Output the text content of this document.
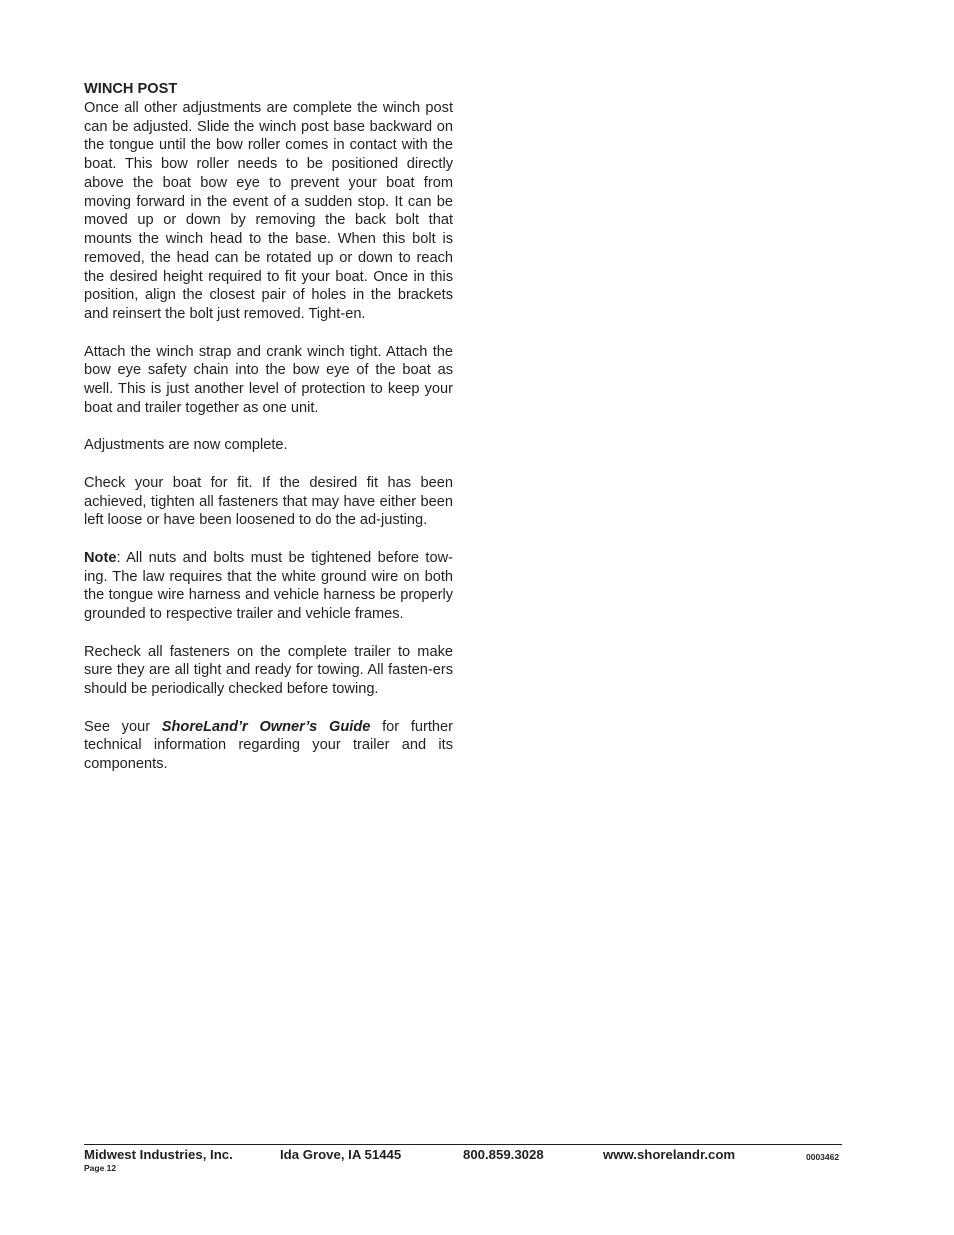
WINCH POST

Once all other adjustments are complete the winch post can be adjusted. Slide the winch post base backward on the tongue until the bow roller comes in contact with the boat. This bow roller needs to be positioned directly above the boat bow eye to prevent your boat from moving forward in the event of a sudden stop. It can be moved up or down by removing the back bolt that mounts the winch head to the base. When this bolt is removed, the head can be rotated up or down to reach the desired height required to fit your boat. Once in this position, align the closest pair of holes in the brackets and reinsert the bolt just removed. Tight-en.

Attach the winch strap and crank winch tight. Attach the bow eye safety chain into the bow eye of the boat as well. This is just another level of protection to keep your boat and trailer together as one unit.

Adjustments are now complete.

Check your boat for fit. If the desired fit has been achieved, tighten all fasteners that may have either been left loose or have been loosened to do the ad-justing.

Note: All nuts and bolts must be tightened before tow-ing. The law requires that the white ground wire on both the tongue wire harness and vehicle harness be properly grounded to respective trailer and vehicle frames.

Recheck all fasteners on the complete trailer to make sure they are all tight and ready for towing. All fasten-ers should be periodically checked before towing.

See your ShoreLand’r Owner’s Guide for further technical information regarding your trailer and its components.

Midwest Industries, Inc.	Ida Grove, IA 51445	800.859.3028	www.shorelandr.com	0003462
Page 12
